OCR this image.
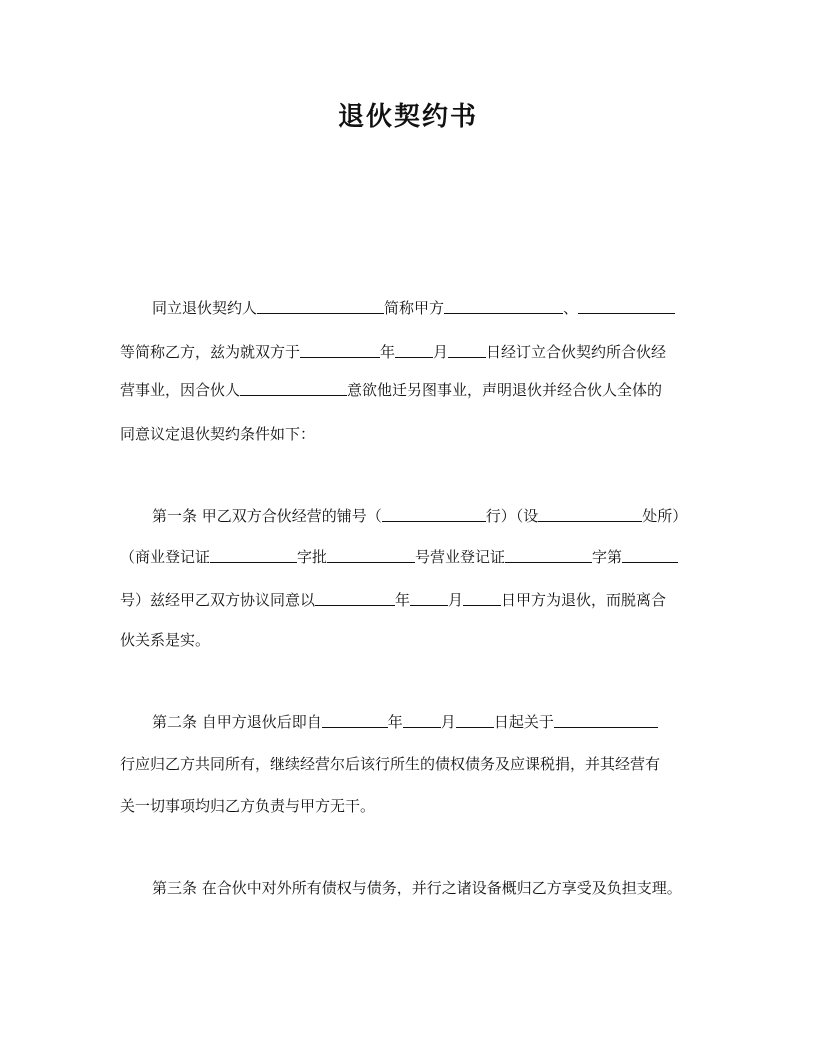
退伙契约书
同立退伙契约人	简称甲方	、
等简称乙方，兹为就双方于	年	月	日经订立合伙契约所合伙经
营事业，因合伙人	意欲他迁另图事业，声明退伙并经合伙人全体的
同意议定退伙契约条件如下：
第一条 甲乙双方合伙经营的铺号（	行）（设	处所）
（商业登记证	字批	号营业登记证	字第
号）兹经甲乙双方协议同意以	年	月	日甲方为退伙，而脱离合
伙关系是实。
第二条 自甲方退伙后即自	年	月	日起关于
行应归乙方共同所有，继续经营尔后该行所生的债权债务及应课税捐，并其经营有
关一切事项均归乙方负责与甲方无干。
第三条 在合伙中对外所有债权与债务，并行之诸设备概归乙方享受及负担支理。
